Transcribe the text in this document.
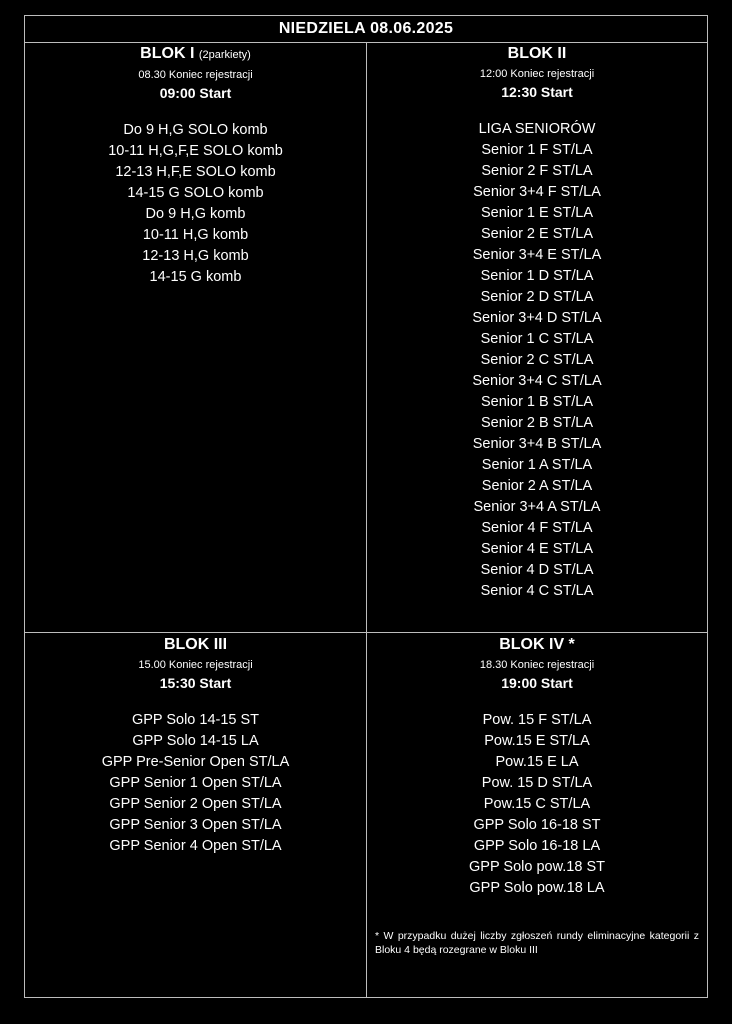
NIEDZIELA 08.06.2025
BLOK I (2parkiety)
08.30 Koniec rejestracji
09:00 Start
Do 9 H,G SOLO komb
10-11 H,G,F,E SOLO komb
12-13 H,F,E SOLO komb
14-15 G SOLO komb
Do 9 H,G komb
10-11 H,G komb
12-13 H,G komb
14-15 G komb
BLOK II
12:00 Koniec rejestracji
12:30 Start
LIGA SENIORÓW
Senior 1 F ST/LA
Senior 2 F ST/LA
Senior 3+4 F ST/LA
Senior 1 E ST/LA
Senior 2 E ST/LA
Senior 3+4 E ST/LA
Senior 1 D ST/LA
Senior 2 D ST/LA
Senior 3+4 D ST/LA
Senior 1 C ST/LA
Senior 2 C ST/LA
Senior 3+4 C ST/LA
Senior 1 B ST/LA
Senior 2 B ST/LA
Senior 3+4 B ST/LA
Senior 1 A ST/LA
Senior 2 A ST/LA
Senior 3+4 A ST/LA
Senior 4 F ST/LA
Senior 4 E ST/LA
Senior 4 D ST/LA
Senior 4 C ST/LA
BLOK III
15.00 Koniec rejestracji
15:30 Start
GPP Solo 14-15 ST
GPP Solo 14-15 LA
GPP Pre-Senior Open ST/LA
GPP Senior 1 Open ST/LA
GPP Senior 2 Open ST/LA
GPP Senior 3 Open ST/LA
GPP Senior 4 Open ST/LA
BLOK IV *
18.30 Koniec rejestracji
19:00 Start
Pow. 15 F ST/LA
Pow.15 E ST/LA
Pow.15 E LA
Pow. 15 D ST/LA
Pow.15 C ST/LA
GPP Solo 16-18 ST
GPP Solo 16-18 LA
GPP Solo pow.18 ST
GPP Solo pow.18 LA
* W przypadku dużej liczby zgłoszeń rundy eliminacyjne kategorii z Bloku 4 będą rozegrane w Bloku III
